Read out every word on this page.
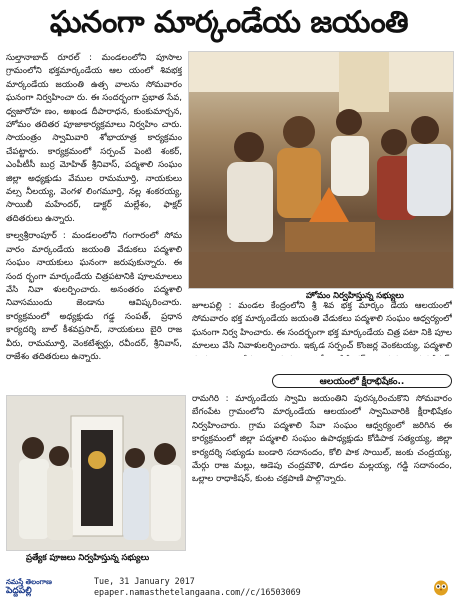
ఘనంగా మార్కండేయ జయంతి

సుల్తానాబాద్ రూరల్ : మండలంలోని పూసాల గ్రామంలోని భక్తమార్కండేయ ఆల యంలో శివభక్త మార్కండేయ జయంతి ఉత్స వాలను సోమవారం ఘనంగా నిర్వహించా రు. ఈ సందర్భంగా ప్రభాత సేవ, ధ్వజారోహ ణం, అఖండ దీపారాధన, కుంకుమార్చన, హోమం తదితర పూజాకార్యక్రమాలు నిర్వహిం చారు. సాయంత్రం స్వామివారి శోభాయాత్ర కార్యక్రమం చేపట్టారు. కార్యక్రమంలో సర్పంచ్ పెంటి శంకర్, ఎంపీటీసీ బుర్ర మోహిత్ శ్రీనివాస్, పద్మశాలి సంఘం జిల్లా అధ్యక్షుడు వేముల రామమూర్తి, నాయకులు వల్స నీలయ్య, వెంగళ లింగమూర్తి, నల్ల శంకరయ్య, సాయిబీ మహేందర్, డాక్టర్ మల్లేశం, ఫాక్షర్ తదితరులు ఉన్నారు.

కాల్వశ్రీరాంపూర్ : మండలంలోని గంగారంలో సోమ వారం మార్కండేయ జయంతి వేడుకలు పద్మశాలి సంఘం నాయకులు ఘనంగా జరుపుకున్నారు. ఈ సంద ర్భంగా మార్కండేయ చిత్రపటానికి పూలమాలలు వేసి నివా ళులర్పించారు. అనంతరం పద్మశాలి నివాసముందు జెండాను ఆవిష్కరించారు. కార్యక్రమంలో అధ్యక్షుడు గడ్డ సంపత్, ప్రధాన కార్యదర్శి బాల్ కీశవప్రసాద్, నాయకులు బైరి రాజ వీరు, రామమూర్తి, వెంకటేశ్వర్లు, రవీందర్, శ్రీనివాస్, రాజేశం తదితరులు ఉన్నారు.

హోమం నిర్వహిస్తున్న సభ్యులు

జూలపల్లి : మండల కేంద్రంలోని శ్రీ శివ భక్త మార్కం డేయ ఆలయంలో సోమవారం భక్త మార్కండేయ జయంతి వేడుకలు పద్మశాలి సంఘం ఆధ్వర్యంలో ఘనంగా నిర్వ హించారు. ఈ సందర్భంగా భక్త మార్కండేయ చిత్ర పటా నికి పూల మాలలు వేసి నివాళులర్పించారు. ఇక్కడ సర్పంచ్ కొంజర్ల వెంకటయ్య, పద్మశాలి

ఆలయంలో క్షీరాభిషేకం..
ప్రత్యేక పూజలు నిర్వహిస్తున్న సభ్యులు

రామగిరి : మార్కండేయ స్వామి జయంతిని పురస్కరించుకొని సోమవారం బేగంపేట గ్రామంలోని మార్కండేయ ఆలయంలో స్వామివారికి క్షీరాభిషేకం నిర్వహించారు. గ్రామ పద్మశాలి సేవా సంఘం ఆధ్వర్యంలో జరిగిన ఈ కార్యక్రమంలో జిల్లా పద్మశాలి సంఘం ఉపాధ్యక్షుడు కోడిపాక సత్యయ్య, జిల్లా కార్యదర్శి సభ్యుడు బండారి సదానందం, కోలి పాక సాయిల్, జంకు చంద్రయ్య, మేర్గు రాజ మల్లు, ఆడెపు చంద్రమౌళి, దూడల మల్లయ్య, గడ్డి సదానందం, ఒల్లాల రాధాకిషన్, కుంట చక్రపాణి పాల్గొన్నారు.

నమస్తే తెలంగాణ
పెద్దపల్లి
Tue, 31 January 2017
epaper.namasthetelangaana.com//c/16503069
